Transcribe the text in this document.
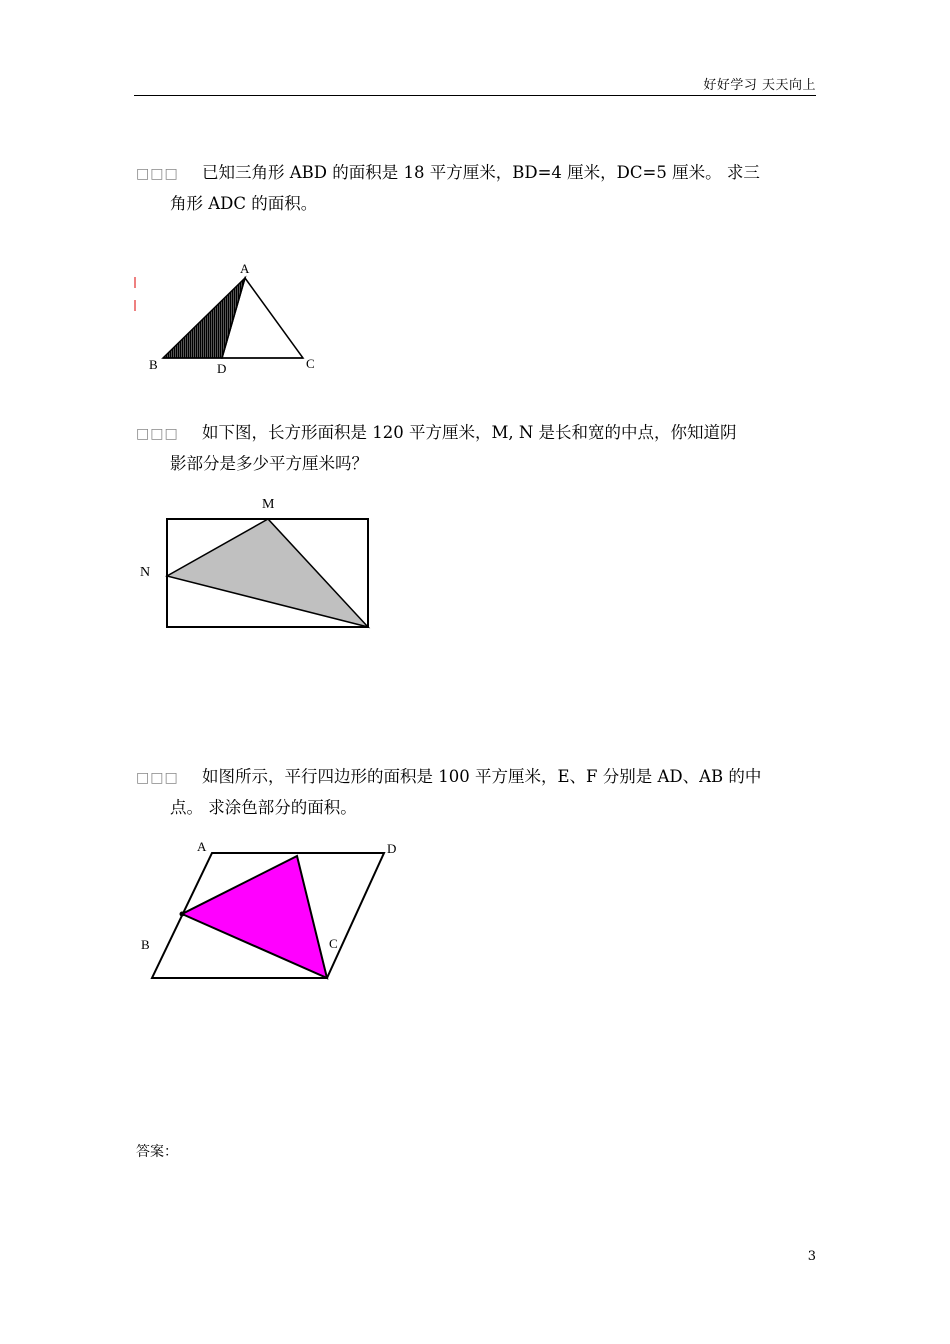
好好学习 天天向上
□□□ 已知三角形 ABD 的面积是 18 平方厘米，BD=4 厘米，DC=5 厘米。 求三
角形 ADC 的面积。
A
B	D	C
□□□ 如下图，长方形面积是 120 平方厘米，M, N 是长和宽的中点，你知道阴
影部分是多少平方厘米吗？
M
N
□□□ 如图所示，平行四边形的面积是 100 平方厘米，E、F 分别是 AD、AB 的中
点。 求涂色部分的面积。
A	D
B	C
答案：
3
